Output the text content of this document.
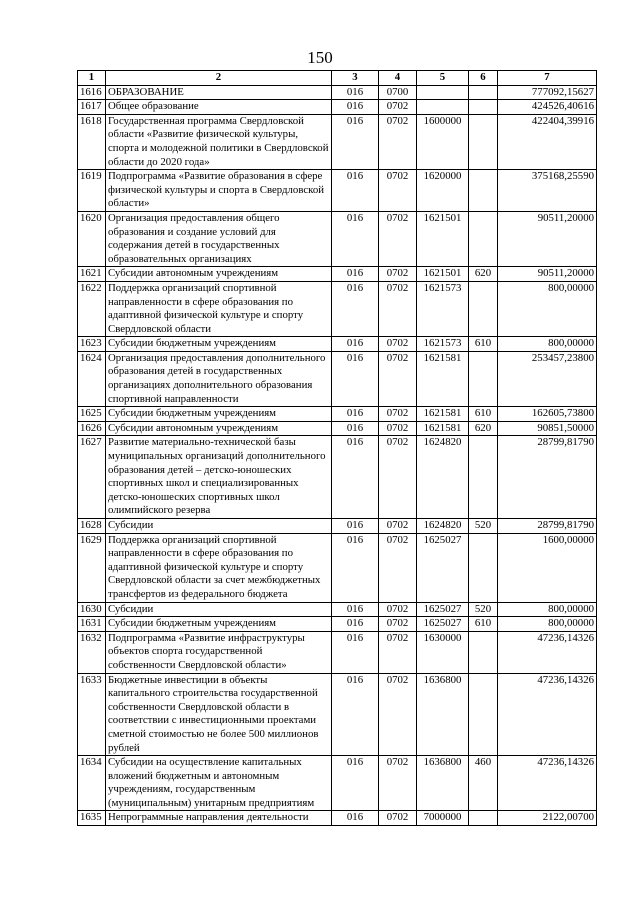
150
1	2	3	4	5	6	7
1616	ОБРАЗОВАНИЕ	016	0700			777092,15627
1617	Общее образование	016	0702			424526,40616
1618	Государственная программа Свердловской области «Развитие физической культуры, спорта и молодежной политики в Свердловской области до 2020 года»	016	0702	1600000		422404,39916
1619	Подпрограмма «Развитие образования в сфере физической культуры и спорта в Свердловской области»	016	0702	1620000		375168,25590
1620	Организация предоставления общего образования и создание условий для содержания детей в государственных образовательных организациях	016	0702	1621501		90511,20000
1621	Субсидии автономным учреждениям	016	0702	1621501	620	90511,20000
1622	Поддержка организаций спортивной направленности в сфере образования по адаптивной физической культуре и спорту Свердловской области	016	0702	1621573		800,00000
1623	Субсидии бюджетным учреждениям	016	0702	1621573	610	800,00000
1624	Организация предоставления дополнительного образования детей в государственных организациях дополнительного образования спортивной направленности	016	0702	1621581		253457,23800
1625	Субсидии бюджетным учреждениям	016	0702	1621581	610	162605,73800
1626	Субсидии автономным учреждениям	016	0702	1621581	620	90851,50000
1627	Развитие материально-технической базы муниципальных организаций дополнительного образования детей – детско-юношеских спортивных школ и специализированных детско-юношеских спортивных школ олимпийского резерва	016	0702	1624820		28799,81790
1628	Субсидии	016	0702	1624820	520	28799,81790
1629	Поддержка организаций спортивной направленности в сфере образования по адаптивной физической культуре и спорту Свердловской области за счет межбюджетных трансфертов из федерального бюджета	016	0702	1625027		1600,00000
1630	Субсидии	016	0702	1625027	520	800,00000
1631	Субсидии бюджетным учреждениям	016	0702	1625027	610	800,00000
1632	Подпрограмма «Развитие инфраструктуры объектов спорта государственной собственности Свердловской области»	016	0702	1630000		47236,14326
1633	Бюджетные инвестиции в объекты капитального строительства государственной собственности Свердловской области в соответствии с инвестиционными проектами сметной стоимостью не более 500 миллионов рублей	016	0702	1636800		47236,14326
1634	Субсидии на осуществление капитальных вложений бюджетным и автономным учреждениям, государственным (муниципальным) унитарным предприятиям	016	0702	1636800	460	47236,14326
1635	Непрограммные направления деятельности	016	0702	7000000		2122,00700
